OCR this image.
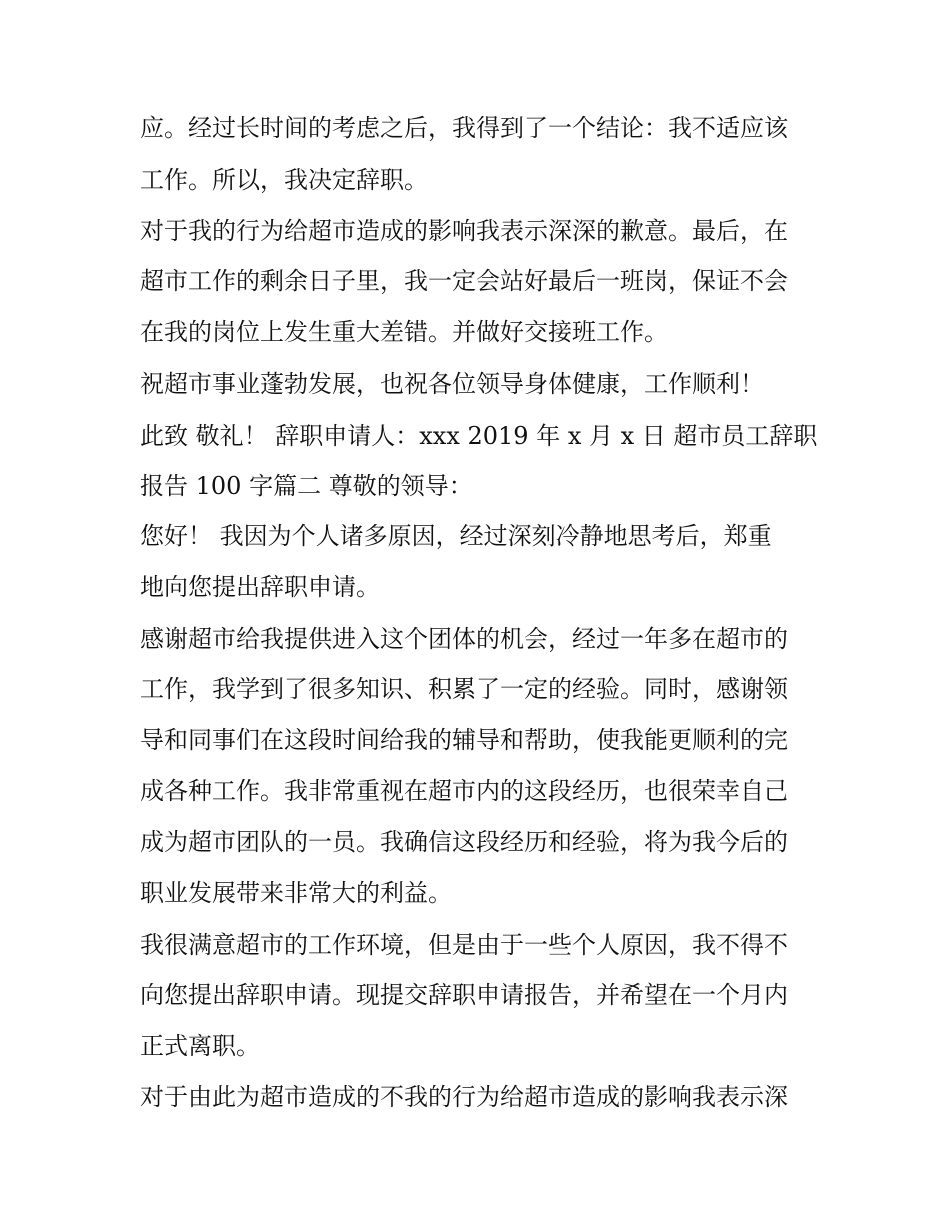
应。经过长时间的考虑之后，我得到了一个结论：我不适应该
工作。所以，我决定辞职。
对于我的行为给超市造成的影响我表示深深的歉意。最后，在
超市工作的剩余日子里，我一定会站好最后一班岗，保证不会
在我的岗位上发生重大差错。并做好交接班工作。
祝超市事业蓬勃发展，也祝各位领导身体健康，工作顺利！
此致 敬礼！ 辞职申请人：xxx 2019 年 x 月 x 日 超市员工辞职
报告 100 字篇二 尊敬的领导：
您好！ 我因为个人诸多原因，经过深刻冷静地思考后，郑重
地向您提出辞职申请。
感谢超市给我提供进入这个团体的机会，经过一年多在超市的
工作，我学到了很多知识、积累了一定的经验。同时，感谢领
导和同事们在这段时间给我的辅导和帮助，使我能更顺利的完
成各种工作。我非常重视在超市内的这段经历，也很荣幸自己
成为超市团队的一员。我确信这段经历和经验，将为我今后的
职业发展带来非常大的利益。
我很满意超市的工作环境，但是由于一些个人原因，我不得不
向您提出辞职申请。现提交辞职申请报告，并希望在一个月内
正式离职。
对于由此为超市造成的不我的行为给超市造成的影响我表示深
